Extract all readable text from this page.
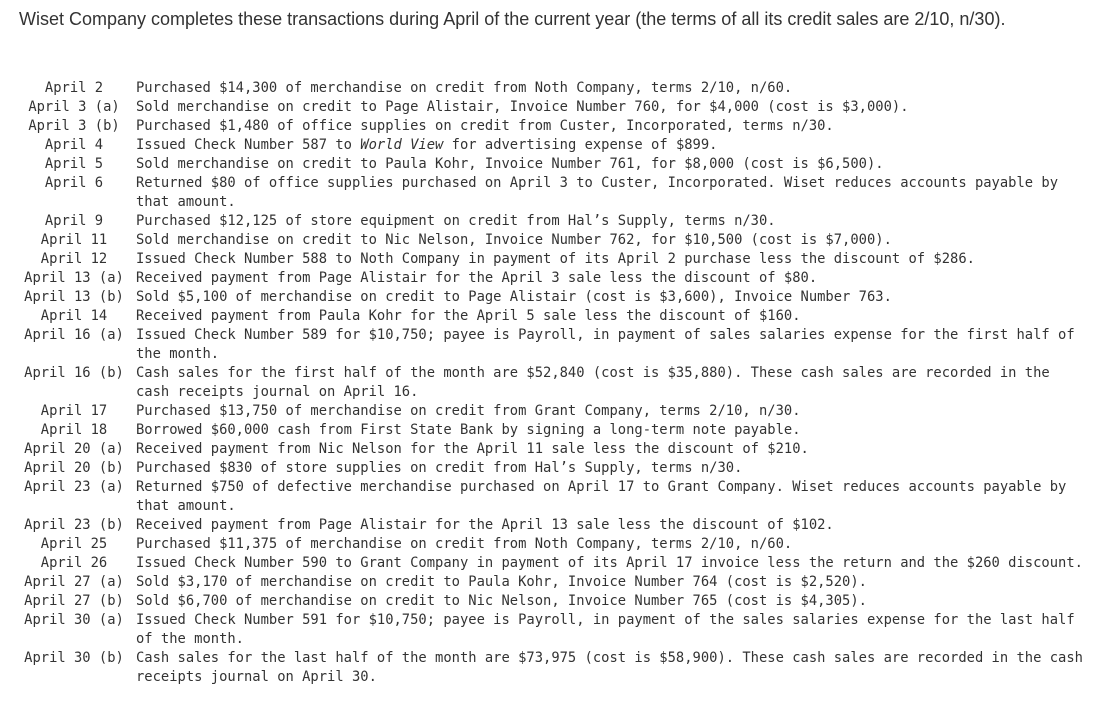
Wiset Company completes these transactions during April of the current year (the terms of all its credit sales are 2/10, n/30).

April 2	Purchased $14,300 of merchandise on credit from Noth Company, terms 2/10, n/60.
April 3 (a)	Sold merchandise on credit to Page Alistair, Invoice Number 760, for $4,000 (cost is $3,000).
April 3 (b)	Purchased $1,480 of office supplies on credit from Custer, Incorporated, terms n/30.
April 4	Issued Check Number 587 to World View for advertising expense of $899.
April 5	Sold merchandise on credit to Paula Kohr, Invoice Number 761, for $8,000 (cost is $6,500).
April 6	Returned $80 of office supplies purchased on April 3 to Custer, Incorporated. Wiset reduces accounts payable by that amount.
April 9	Purchased $12,125 of store equipment on credit from Hal’s Supply, terms n/30.
April 11	Sold merchandise on credit to Nic Nelson, Invoice Number 762, for $10,500 (cost is $7,000).
April 12	Issued Check Number 588 to Noth Company in payment of its April 2 purchase less the discount of $286.
April 13 (a)	Received payment from Page Alistair for the April 3 sale less the discount of $80.
April 13 (b)	Sold $5,100 of merchandise on credit to Page Alistair (cost is $3,600), Invoice Number 763.
April 14	Received payment from Paula Kohr for the April 5 sale less the discount of $160.
April 16 (a)	Issued Check Number 589 for $10,750; payee is Payroll, in payment of sales salaries expense for the first half of the month.
April 16 (b)	Cash sales for the first half of the month are $52,840 (cost is $35,880). These cash sales are recorded in the cash receipts journal on April 16.
April 17	Purchased $13,750 of merchandise on credit from Grant Company, terms 2/10, n/30.
April 18	Borrowed $60,000 cash from First State Bank by signing a long-term note payable.
April 20 (a)	Received payment from Nic Nelson for the April 11 sale less the discount of $210.
April 20 (b)	Purchased $830 of store supplies on credit from Hal’s Supply, terms n/30.
April 23 (a)	Returned $750 of defective merchandise purchased on April 17 to Grant Company. Wiset reduces accounts payable by that amount.
April 23 (b)	Received payment from Page Alistair for the April 13 sale less the discount of $102.
April 25	Purchased $11,375 of merchandise on credit from Noth Company, terms 2/10, n/60.
April 26	Issued Check Number 590 to Grant Company in payment of its April 17 invoice less the return and the $260 discount.
April 27 (a)	Sold $3,170 of merchandise on credit to Paula Kohr, Invoice Number 764 (cost is $2,520).
April 27 (b)	Sold $6,700 of merchandise on credit to Nic Nelson, Invoice Number 765 (cost is $4,305).
April 30 (a)	Issued Check Number 591 for $10,750; payee is Payroll, in payment of the sales salaries expense for the last half of the month.
April 30 (b)	Cash sales for the last half of the month are $73,975 (cost is $58,900). These cash sales are recorded in the cash receipts journal on April 30.
